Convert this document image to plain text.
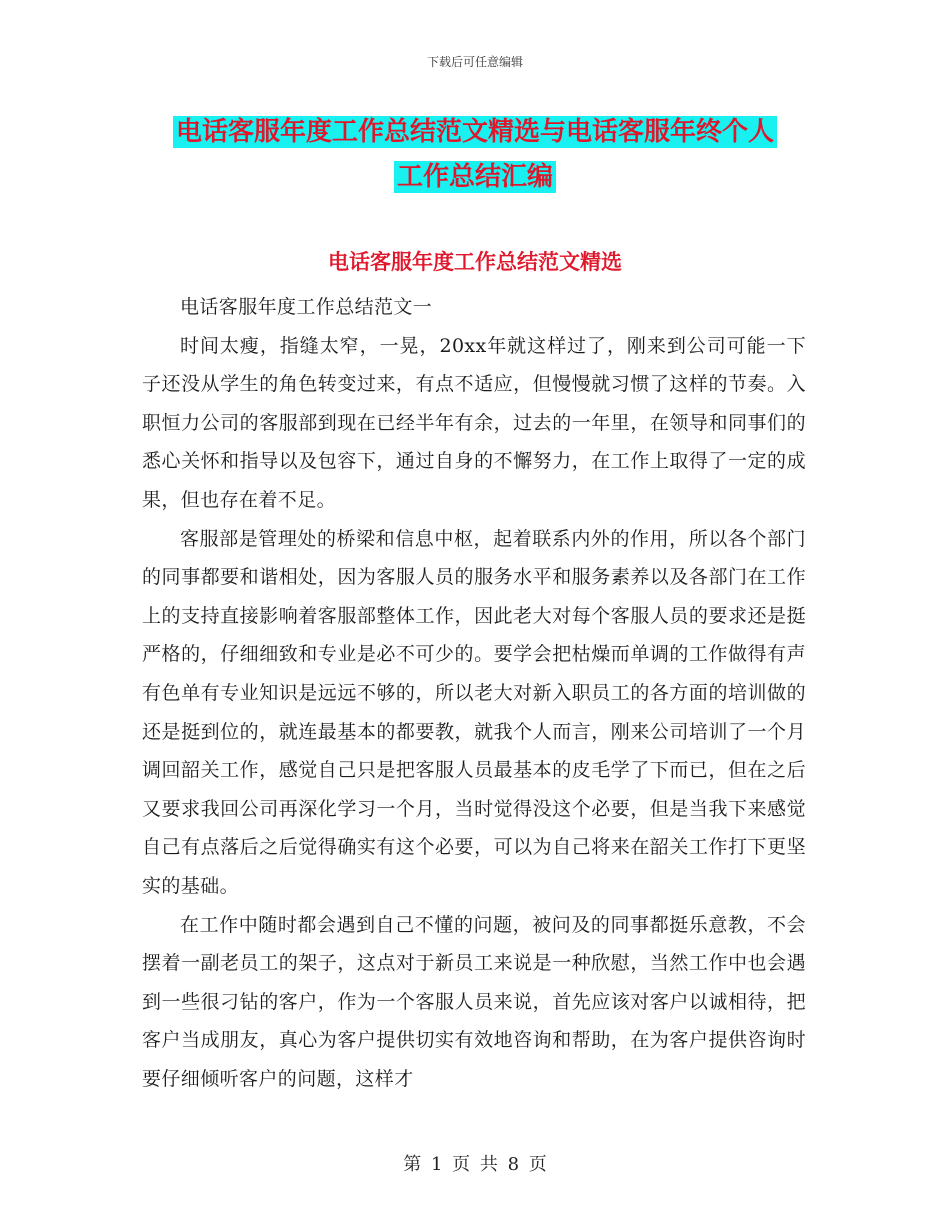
下载后可任意编辑
电话客服年度工作总结范文精选与电话客服年终个人
工作总结汇编
电话客服年度工作总结范文精选

电话客服年度工作总结范文一

时间太瘦，指缝太窄，一晃，20xx年就这样过了，刚来到公司可能一下子还没从学生的角色转变过来，有点不适应，但慢慢就习惯了这样的节奏。入职恒力公司的客服部到现在已经半年有余，过去的一年里，在领导和同事们的悉心关怀和指导以及包容下，通过自身的不懈努力，在工作上取得了一定的成果，但也存在着不足。

客服部是管理处的桥梁和信息中枢，起着联系内外的作用，所以各个部门的同事都要和谐相处，因为客服人员的服务水平和服务素养以及各部门在工作上的支持直接影响着客服部整体工作，因此老大对每个客服人员的要求还是挺严格的，仔细细致和专业是必不可少的。要学会把枯燥而单调的工作做得有声有色单有专业知识是远远不够的，所以老大对新入职员工的各方面的培训做的还是挺到位的，就连最基本的都要教，就我个人而言，刚来公司培训了一个月调回韶关工作，感觉自己只是把客服人员最基本的皮毛学了下而已，但在之后又要求我回公司再深化学习一个月，当时觉得没这个必要，但是当我下来感觉自己有点落后之后觉得确实有这个必要，可以为自己将来在韶关工作打下更坚实的基础。

在工作中随时都会遇到自己不懂的问题，被问及的同事都挺乐意教，不会摆着一副老员工的架子，这点对于新员工来说是一种欣慰，当然工作中也会遇到一些很刁钻的客户，作为一个客服人员来说，首先应该对客户以诚相待，把客户当成朋友，真心为客户提供切实有效地咨询和帮助，在为客户提供咨询时要仔细倾听客户的问题，这样才

第 1 页 共 8 页
